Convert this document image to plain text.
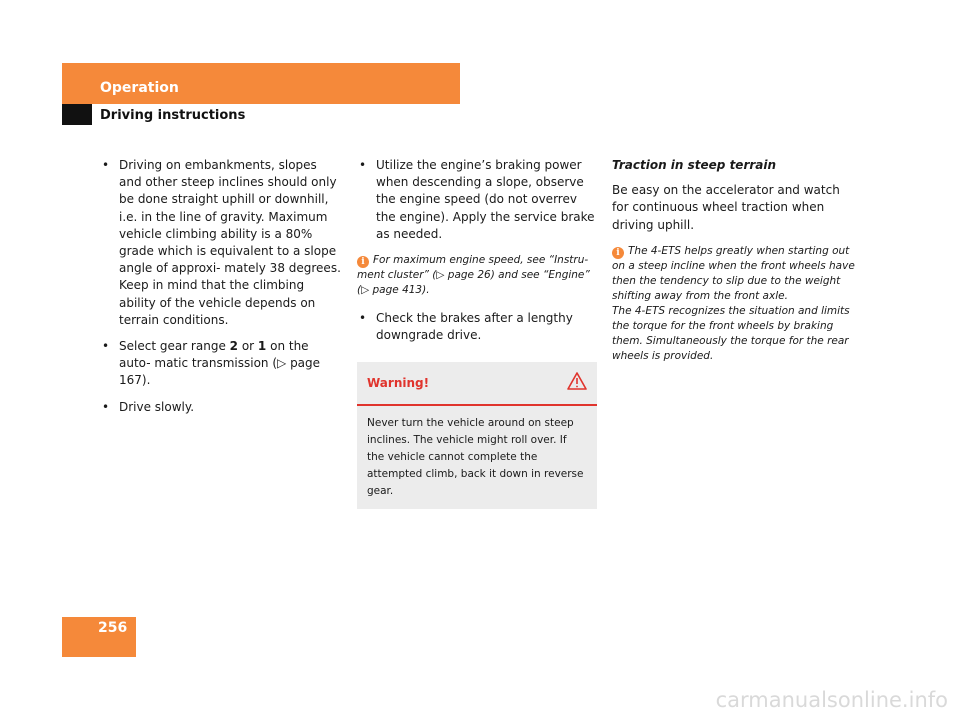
Operation
Driving instructions
• Driving on embankments, slopes and other steep inclines should only be done straight uphill or downhill, i.e. in the line of gravity. Maximum vehicle climbing ability is a 80% grade which is equivalent to a slope angle of approxi- mately 38 degrees. Keep in mind that the climbing ability of the vehicle depends on terrain conditions.
• Select gear range 2 or 1 on the auto- matic transmission (▷ page 167).
• Drive slowly.
• Utilize the engine’s braking power when descending a slope, observe the engine speed (do not overrev the engine). Apply the service brake as needed.
i For maximum engine speed, see “Instru- ment cluster” (▷ page 26) and see “Engine” (▷ page 413).
• Check the brakes after a lengthy downgrade drive.
Warning!
Never turn the vehicle around on steep inclines. The vehicle might roll over. If the vehicle cannot complete the attempted climb, back it down in reverse gear.

Traction in steep terrain

Be easy on the accelerator and watch for continuous wheel traction when driving uphill.

i The 4-ETS helps greatly when starting out on a steep incline when the front wheels have then the tendency to slip due to the weight shifting away from the front axle.
The 4-ETS recognizes the situation and limits the torque for the front wheels by braking them. Simultaneously the torque for the rear wheels is provided.
256
carmanualsonline.info
